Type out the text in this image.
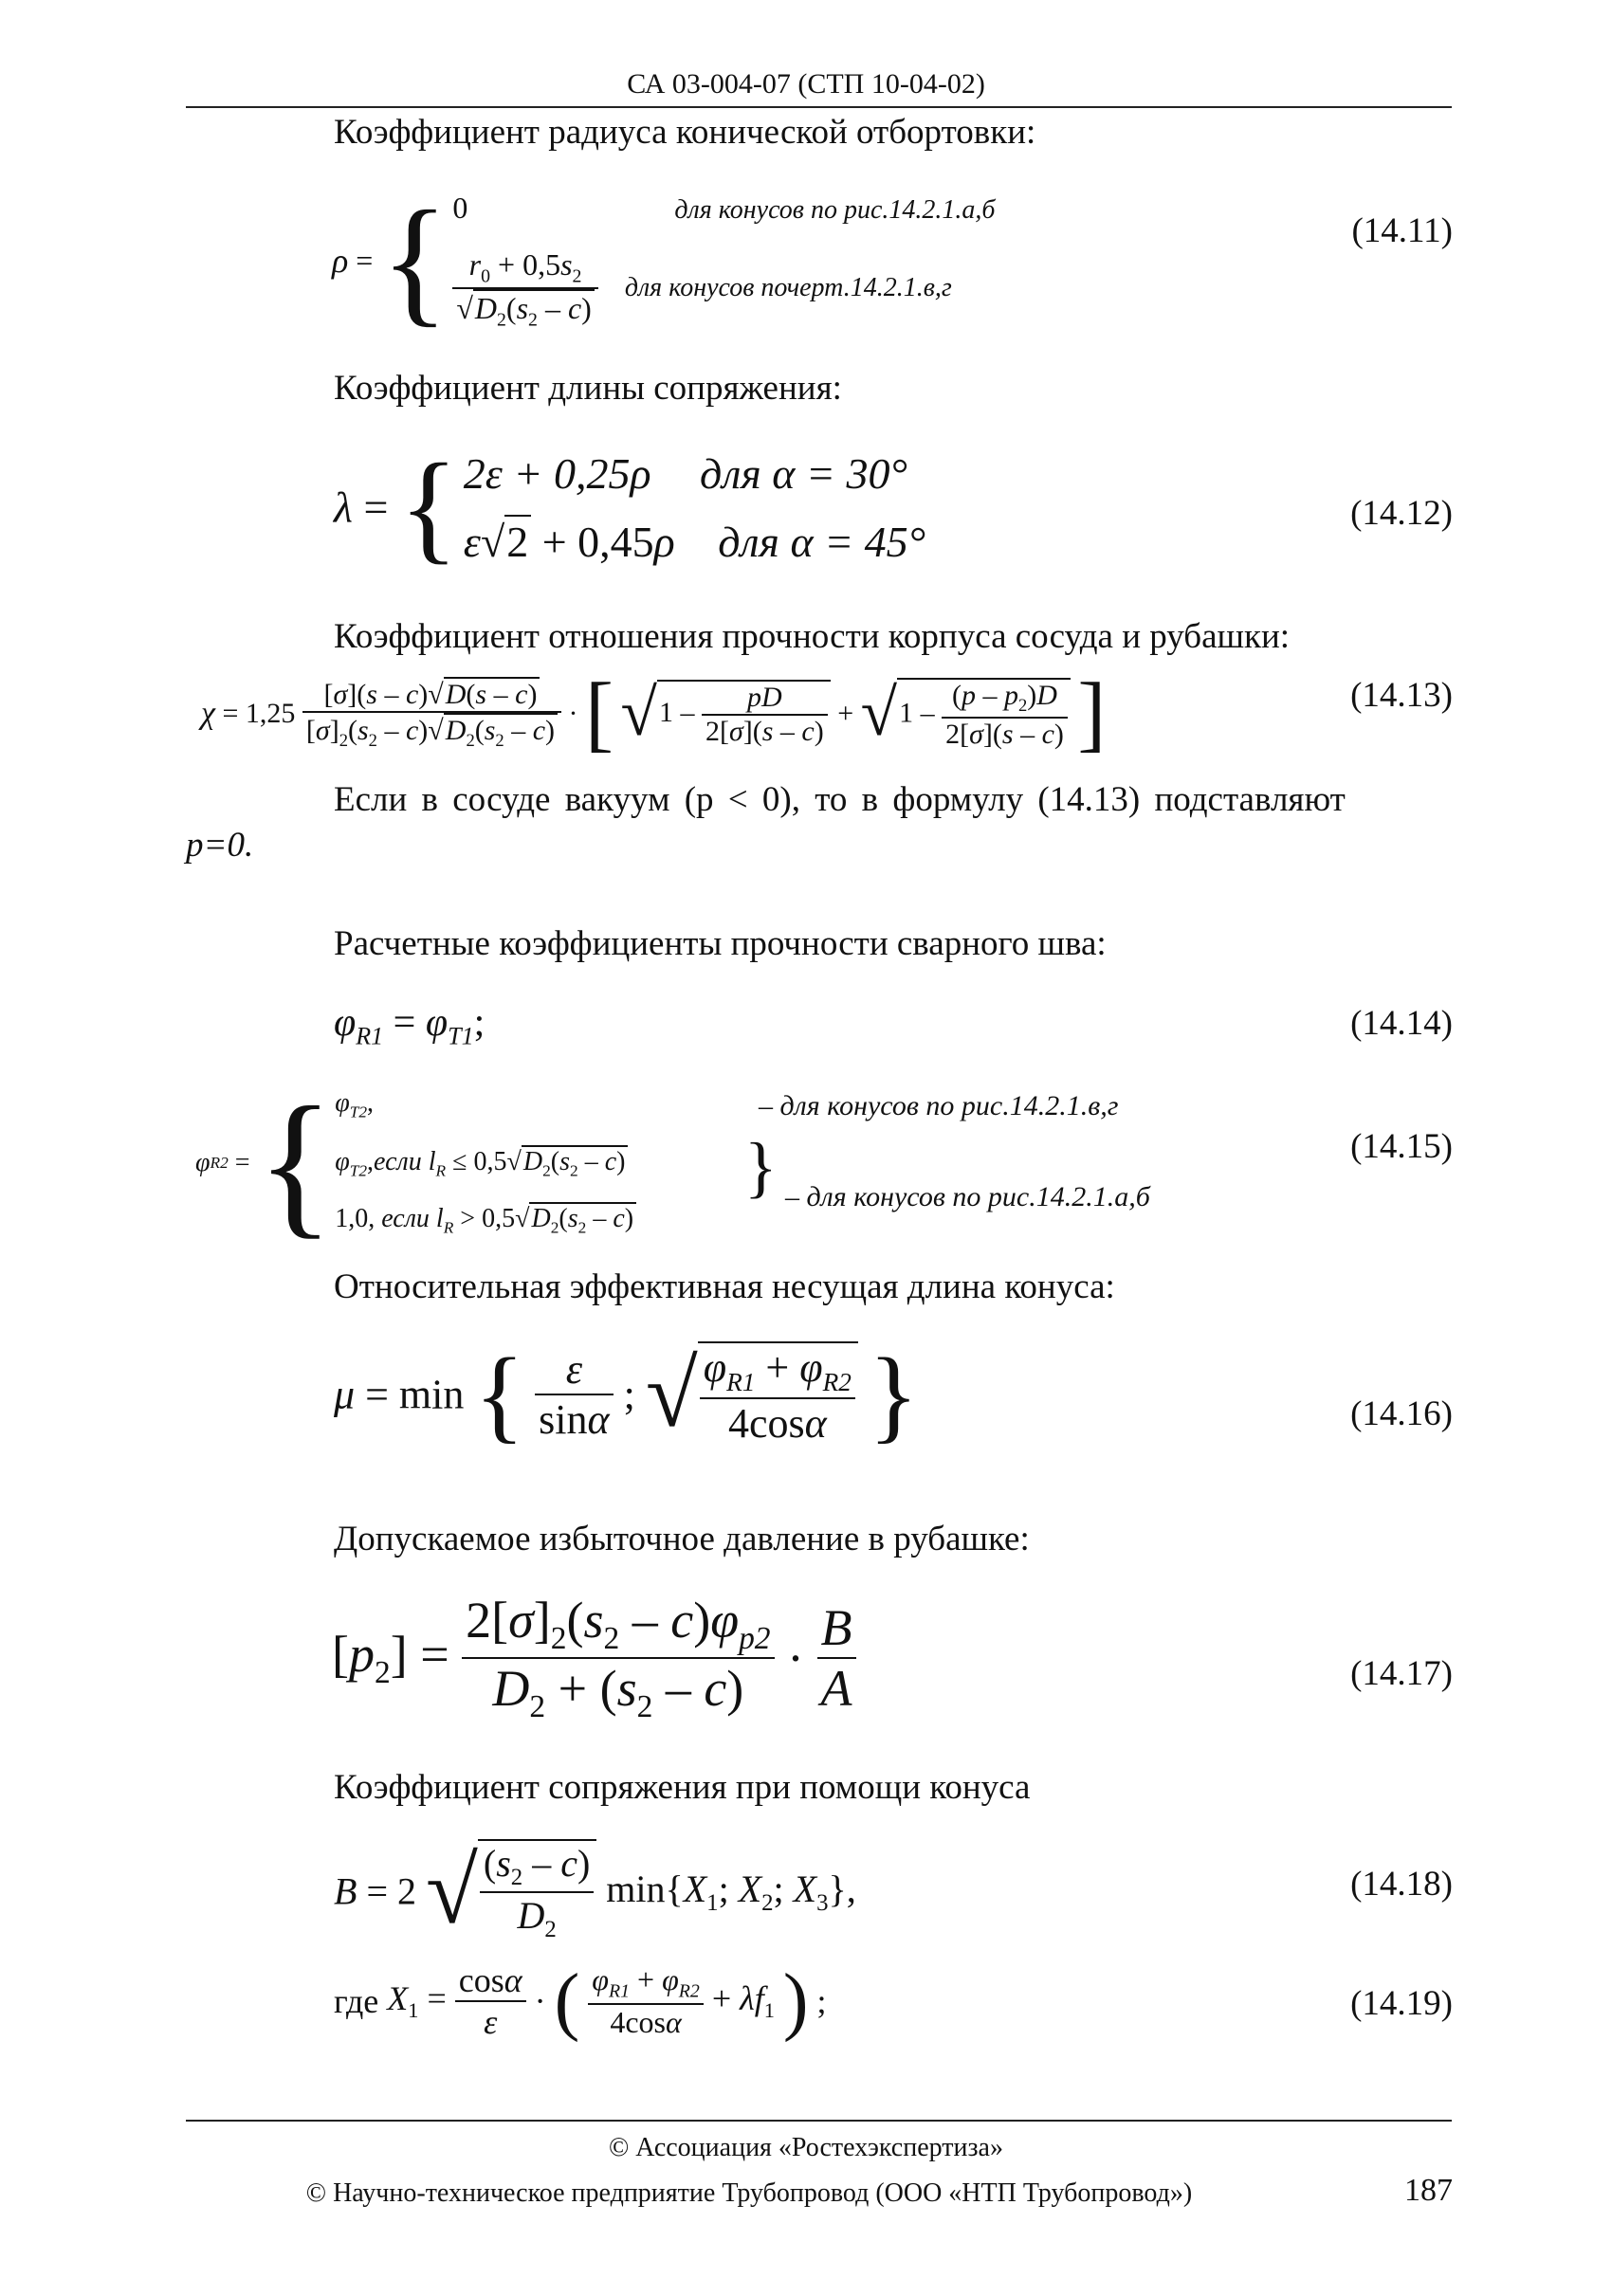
СА 03-004-07 (СТП 10-04-02)
Коэффициент радиуса конической отбортовки:
ρ = { 0	для конусов по рис.14.2.1.а,б
$\frac{r_0 + 0,5s_2}{√D_2(s_2 - c)}$ для конусов почерт.14.2.1.в,г
(14.11)
Коэффициент длины сопряжения:
λ = { 2ε + 0,25ρ для α = 30°
ε√2 + 0,45ρ для α = 45°
(14.12)
Коэффициент отношения прочности корпуса сосуда и рубашки:
$\chi = 1,25 \frac{[\sigma](s - c)√D(s - c)}{[\sigma]_2(s_2 - c)√D_2(s_2 - c)}$ · [ $√1 - \frac{pD}{2[\sigma](s - c)} + √1 - \frac{(p - p_2)D}{2[\sigma](s - c)}$ ]	(14.13)
Если в сосуде вакуум (p < 0), то в формулу (14.13) подставляют
p=0.
Расчетные коэффициенты прочности сварного шва:
$\varphi_{R1} = \varphi_{T1}$;	(14.14)
φR2 = { $\varphi_{T2}$,
$\varphi_{T2},если$ $l_R \le 0,5√D_2(s_2 - c)$
1,0, если $l_R > 0,5√D_2(s_2 - c)$
}
– для конусов по рис.14.2.1.в,г
– для конусов по рис.14.2.1.а,б
(14.15)
Относительная эффективная несущая длина конуса:
μ = min { $\frac{\varepsilon}{\sin\alpha}$ ; √ $\frac{\varphi_{R1} + \varphi_{R2}}{4\cos\alpha}$ }	(14.16)
Допускаемое избыточное давление в рубашке:
$[p_2] = \frac{2[\sigma]_2(s_2 - c)\varphi_{p2}}{D_2 + (s_2 - c)} \cdot \frac{B}{A}$	(14.17)
Коэффициент сопряжения при помощи конуса
B = 2 √ $\frac{(s_2 - c)}{D_2} \min\{X_1$; $X_2$; $X_3$},	(14.18)
где $X_1 = \frac{\cos\alpha}{\varepsilon}$ · ( $\frac{\varphi_{R1} + \varphi_{R2}}{4\cos\alpha} + \lambda f_1$ ) ;	(14.19)
© Ассоциация «Ростехэкспертиза»
© Научно-техническое предприятие Трубопровод (ООО «НТП Трубопровод»)	187
